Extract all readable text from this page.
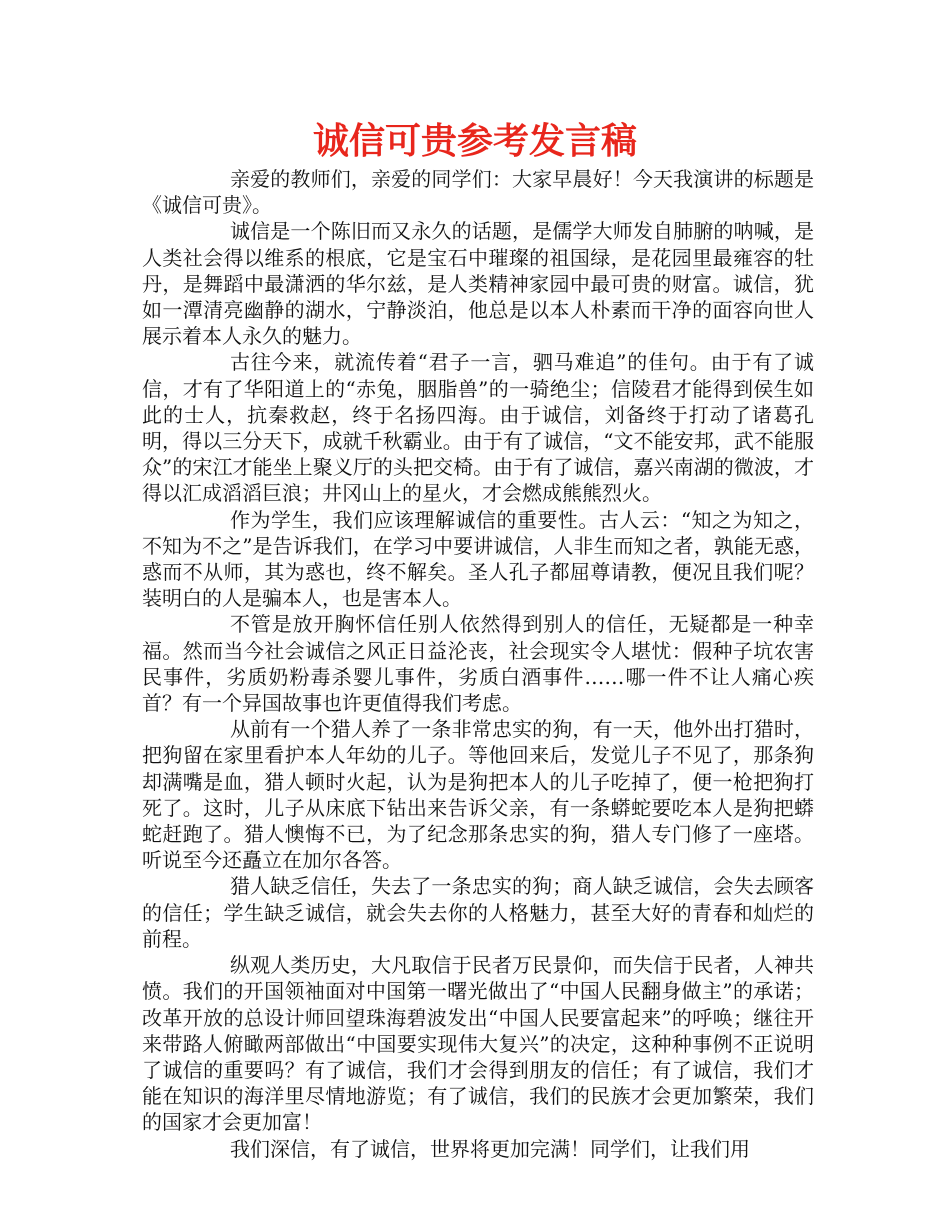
诚信可贵参考发言稿

亲爱的教师们，亲爱的同学们：大家早晨好！今天我演讲的标题是《诚信可贵》。

诚信是一个陈旧而又永久的话题，是儒学大师发自肺腑的呐喊，是人类社会得以维系的根底，它是宝石中璀璨的祖国绿，是花园里最雍容的牡丹，是舞蹈中最潇洒的华尔兹，是人类精神家园中最可贵的财富。诚信，犹如一潭清亮幽静的湖水，宁静淡泊，他总是以本人朴素而干净的面容向世人展示着本人永久的魅力。

古往今来，就流传着“君子一言，驷马难追”的佳句。由于有了诚信，才有了华阳道上的“赤兔，胭脂兽”的一骑绝尘；信陵君才能得到侯生如此的士人，抗秦救赵，终于名扬四海。由于诚信，刘备终于打动了诸葛孔明，得以三分天下，成就千秋霸业。由于有了诚信，“文不能安邦，武不能服众”的宋江才能坐上聚义厅的头把交椅。由于有了诚信，嘉兴南湖的微波，才得以汇成滔滔巨浪；井冈山上的星火，才会燃成熊熊烈火。

作为学生，我们应该理解诚信的重要性。古人云：“知之为知之，不知为不之”是告诉我们，在学习中要讲诚信，人非生而知之者，孰能无惑，惑而不从师，其为惑也，终不解矣。圣人孔子都屈尊请教，便况且我们呢？装明白的人是骗本人，也是害本人。

不管是放开胸怀信任别人依然得到别人的信任，无疑都是一种幸福。然而当今社会诚信之风正日益沦丧，社会现实令人堪忧：假种子坑农害民事件，劣质奶粉毒杀婴儿事件，劣质白酒事件……哪一件不让人痛心疾首？有一个异国故事也许更值得我们考虑。

从前有一个猎人养了一条非常忠实的狗，有一天，他外出打猎时，把狗留在家里看护本人年幼的儿子。等他回来后，发觉儿子不见了，那条狗却满嘴是血，猎人顿时火起，认为是狗把本人的儿子吃掉了，便一枪把狗打死了。这时，儿子从床底下钻出来告诉父亲，有一条蟒蛇要吃本人是狗把蟒蛇赶跑了。猎人懊悔不已，为了纪念那条忠实的狗，猎人专门修了一座塔。听说至今还矗立在加尔各答。

猎人缺乏信任，失去了一条忠实的狗；商人缺乏诚信，会失去顾客的信任；学生缺乏诚信，就会失去你的人格魅力，甚至大好的青春和灿烂的前程。

纵观人类历史，大凡取信于民者万民景仰，而失信于民者，人神共愤。我们的开国领袖面对中国第一曙光做出了“中国人民翻身做主”的承诺；改革开放的总设计师回望珠海碧波发出“中国人民要富起来”的呼唤；继往开来带路人俯瞰两部做出“中国要实现伟大复兴”的决定，这种种事例不正说明了诚信的重要吗？有了诚信，我们才会得到朋友的信任；有了诚信，我们才能在知识的海洋里尽情地游览；有了诚信，我们的民族才会更加繁荣，我们的国家才会更加富！

我们深信，有了诚信，世界将更加完满！同学们，让我们用
